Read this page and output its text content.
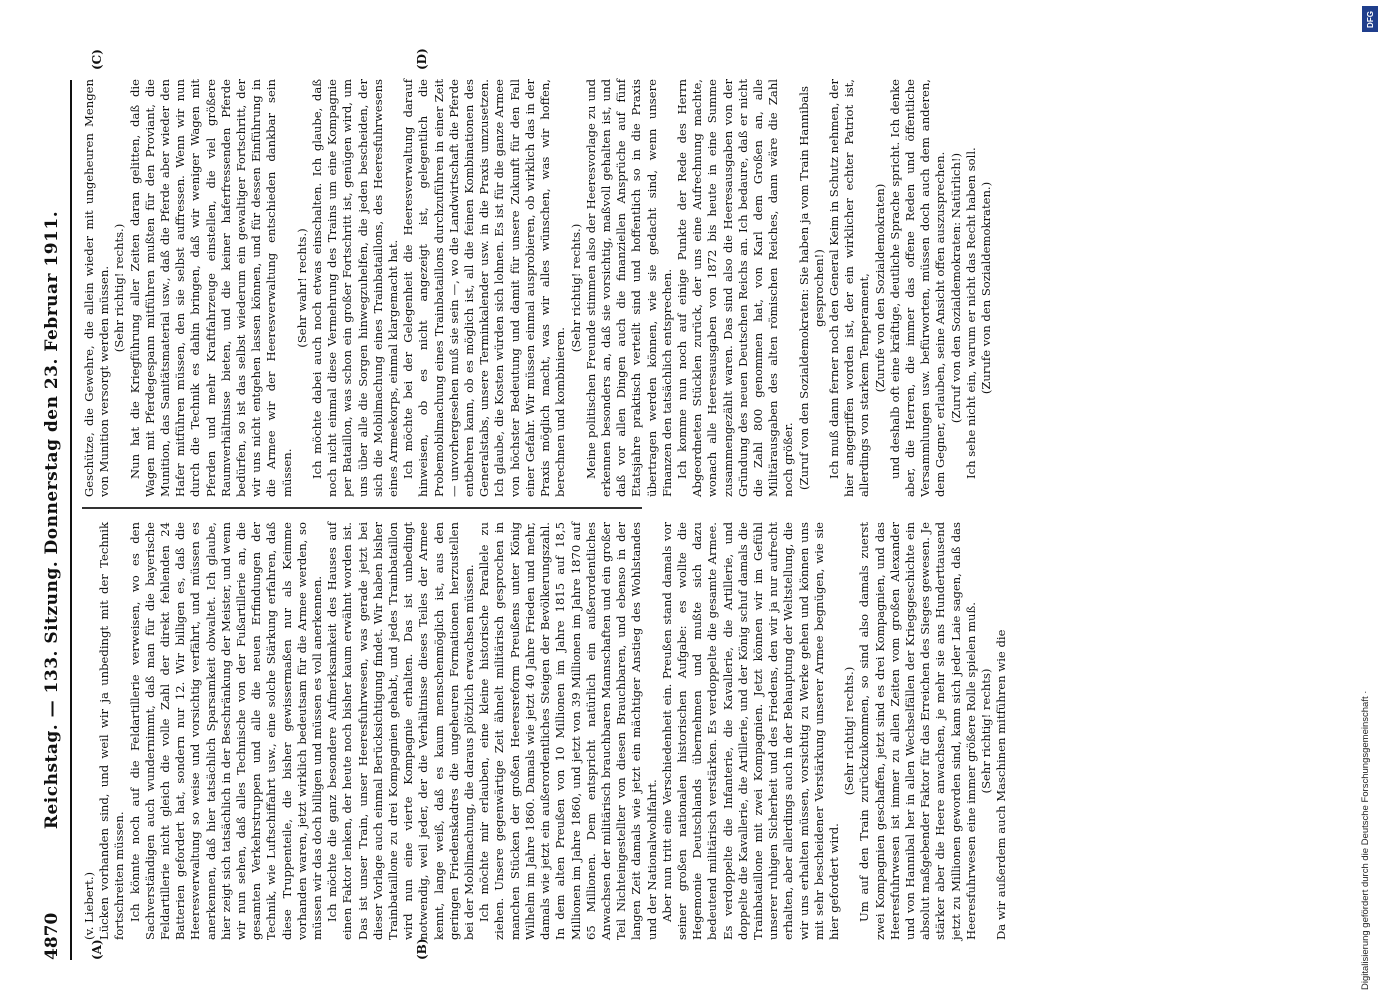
4870
Reichstag. — 133. Sitzung. Donnerstag den 23. Februar 1911.
(A)	(B)
(C)	(D)

(v. Liebert.) Lücken vorhanden sind, und weil wir ja unbedingt mit der Technik fortschreiten müssen. Ich könnte noch auf die Feldartillerie verweisen, wo es den Sachverständigen auch wundernimmt, daß man für die bayerische Feldartillerie nicht gleich die volle Zahl der direkt fehlenden 24 Batterien gefordert hat, sondern nur 12. Wir billigen es, daß die Heeresverwaltung so weise und vorsichtig verfährt, und müssen es anerkennen, daß hier tatsächlich Sparsamkeit obwaltet. Ich glaube, hier zeigt sich tatsächlich in der Beschränkung der Meister, und wenn wir nun sehen, daß alles Technische von der Fußartillerie an, die gesamten Verkehrstruppen und alle die neuen Erfindungen der Technik, wie Luftschiffahrt usw., eine solche Stärkung erfahren, daß diese Truppenteile, die bisher gewissermaßen nur als Keimme vorhanden waren, jetzt wirklich bedeutsam für die Armee werden, so müssen wir das doch billigen und müssen es voll anerkennen. Ich möchte die ganz besondere Aufmerksamkeit des Hauses auf einen Faktor lenken, der heute noch bisher kaum erwähnt worden ist. Das ist unser Train, unser Heeresfuhrwesen, was gerade jetzt bei dieser Vorlage auch einmal Berücksichtigung findet. Wir haben bisher Trainbataillone zu drei Kompagnien gehabt, und jedes Trainbataillon wird nun eine vierte Kompagnie erhalten. Das ist unbedingt notwendig, weil jeder, der die Verhältnisse dieses Teiles der Armee kennt, lange weiß, daß es kaum menschenmöglich ist, aus den geringen Friedenskadres die ungeheuren Formationen herzustellen bei der Mobilmachung, die daraus plötzlich erwachsen müssen. Ich möchte mir erlauben, eine kleine historische Parallele zu ziehen. Unsere gegenwärtige Zeit ähnelt militärisch gesprochen in manchen Stücken der großen Heeresreform Preußens unter König Wilhelm im Jahre 1860. Damals wie jetzt 40 Jahre Frieden und mehr, damals wie jetzt ein außerordentliches Steigen der Bevölkerungszahl. In dem alten Preußen von 10 Millionen im Jahre 1815 auf 18,5 Millionen im Jahre 1860, und jetzt von 39 Millionen im Jahre 1870 auf 65 Millionen. Dem entspricht natürlich ein außerordentliches Anwachsen der militärisch brauchbaren Mannschaften und ein großer Teil Nichteingestellter von diesen Brauchbaren, und ebenso in der langen Zeit damals wie jetzt ein mächtiger Anstieg des Wohlstandes und der Nationalwohlfahrt. Aber nun tritt eine Verschiedenheit ein. Preußen stand damals vor seiner großen nationalen historischen Aufgabe: es wollte die Hegemonie Deutschlands übernehmen und mußte sich dazu bedeutend militärisch verstärken. Es verdoppelte die gesamte Armee. Es verdoppelte die Infanterie, die Kavallerie, die Artillerie, und doppelte die Kavallerie, die Artillerie, und der König schuf damals die Trainbataillone mit zwei Kompagnien. Jetzt können wir im Gefühl unserer ruhigen Sicherheit und des Friedens, den wir ja nur aufrecht erhalten, aber allerdings auch in der Behauptung der Weltstellung, die wir uns erhalten müssen, vorsichtig zu Werke gehen und können uns mit sehr bescheidener Verstärkung unserer Armee begnügen, wie sie hier gefordert wird.

(Sehr richtig! rechts.) Um auf den Train zurückzukommen, so sind also damals zuerst zwei Kompagnien geschaffen, jetzt sind es drei Kompagnien, und das Heeresfuhrwesen ist immer zu allen Zeiten vom großen Alexander und von Hannibal her in allen Wechselfällen der Kriegsgeschichte ein absolut maßgebender Faktor für das Erreichen des Sieges gewesen. Je stärker aber die Heere anwachsen, je mehr sie ans Hunderttausend jetzt zu Millionen geworden sind, kann sich jeder Laie sagen, daß das Heeresfuhrwesen eine immer größere Rolle spielen muß. (Sehr richtig! rechts) Da wir außerdem auch Maschinen mitführen wie die

Geschütze, die Gewehre, die allein wieder mit ungeheuren Mengen von Munition versorgt werden müssen. (Sehr richtig! rechts.) Nun hat die Kriegführung aller Zeiten daran gelitten, daß die Wagen mit Pferdegespann mitführen mußten für den Proviant, die Munition, das Sanitätsmaterial usw., daß die Pferde aber wieder den Hafer mitführen müssen, den sie selbst auffressen. Wenn wir nun durch die Technik es dahin bringen, daß wir weniger Wagen mit Pferden und mehr Kraftfahrzeuge einstellen, die viel größere Raumverhältnisse bieten, und die keiner haferfressenden Pferde bedürfen, so ist das selbst wiederum ein gewaltiger Fortschritt, der wir uns nicht entgehen lassen können, und für dessen Einführung in die Armee wir der Heeresverwaltung entschieden dankbar sein müssen.

(Sehr wahr! rechts.) Ich möchte dabei auch noch etwas einschalten. Ich glaube, daß noch nicht einmal diese Vermehrung des Trains um eine Kompagnie per Bataillon, was schon ein großer Fortschritt ist, genügen wird, um uns über alle die Sorgen hinwegzuhelfen, die jeden bescheiden, der sich die Mobilmachung eines Trainbataillons, des Heeresfuhrwesens eines Armeekorps, einmal klargemacht hat. Ich möchte bei der Gelegenheit die Heeresverwaltung darauf hinweisen, ob es nicht angezeigt ist, gelegentlich die Probemobilmachung eines Trainbataillons durchzuführen in einer Zeit — unvorhergesehen muß sie sein —, wo die Landwirtschaft die Pferde entbehren kann, ob es möglich ist, all die feinen Kombinationen des Generalstabs, unsere Terminkalender usw. in die Praxis umzusetzen. Ich glaube, die Kosten würden sich lohnen. Es ist für die ganze Armee von höchster Bedeutung und damit für unsere Zukunft für den Fall einer Gefahr. Wir müssen einmal ausprobieren, ob wirklich das in der Praxis möglich macht, was wir alles wünschen, was wir hoffen, berechnen und kombinieren.

(Sehr richtig! rechts.) Meine politischen Freunde stimmen also der Heeresvorlage zu und erkennen besonders an, daß sie vorsichtig, maßvoll gehalten ist, und daß vor allen Dingen auch die finanziellen Ansprüche auf fünf Etatsjahre praktisch verteilt sind und hoffentlich so in die Praxis übertragen werden können, wie sie gedacht sind, wenn unsere Finanzen den tatsächlich entsprechen. Ich komme nun noch auf einige Punkte der Rede des Herrn Abgeordneten Stücklen zurück, der uns eine Aufrechnung machte, wonach alle Heeresausgaben von 1872 bis heute in eine Summe zusammengezählt waren. Das sind also die Heeresausgaben von der Gründung des neuen Deutschen Reichs an. Ich bedaure, daß er nicht die Zahl 800 genommen hat, von Karl dem Großen an, alle Militärausgaben des alten römischen Reiches, dann wäre die Zahl noch größer. (Zuruf von den Sozialdemokraten: Sie haben ja vom Train Hannibals gesprochen!) Ich muß dann ferner noch den General Keim in Schutz nehmen, der hier angegriffen worden ist, der ein wirklicher echter Patriot ist, allerdings von starkem Temperament, (Zurufe von den Sozialdemokraten) und deshalb oft eine kräftige, deutliche Sprache spricht. Ich denke aber, die Herren, die immer das offene Reden und öffentliche Versammlungen usw. befürworten, müssen doch auch dem anderen, dem Gegner, erlauben, seine Ansicht offen auszusprechen. (Zuruf von den Sozialdemokraten: Natürlich!) Ich sehe nicht ein, warum er nicht das Recht haben soll. (Zurufe von den Sozialdemokraten.)

Digitalisierung gefördert durch die Deutsche Forschungsgemeinschaft ·
DFG
